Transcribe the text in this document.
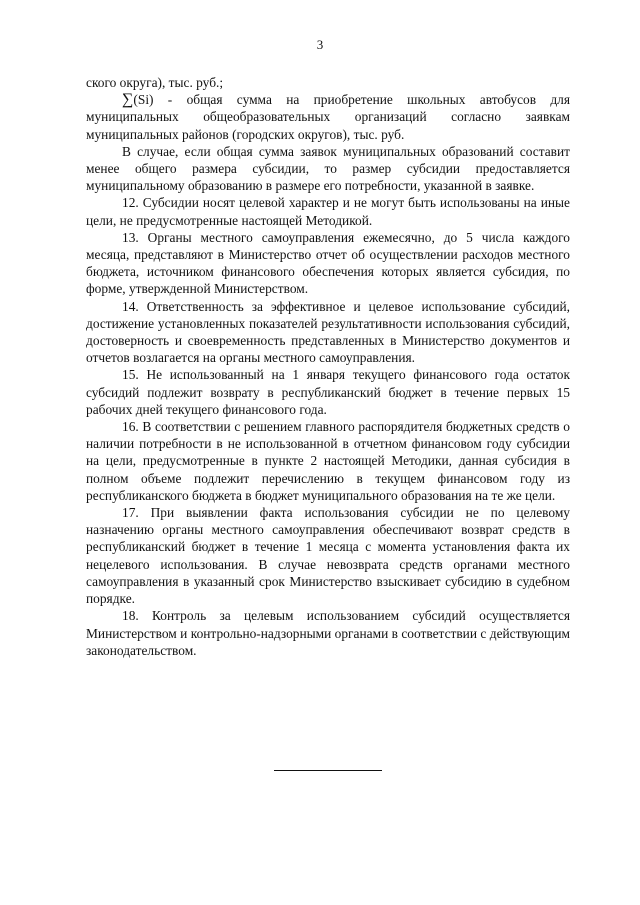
3

ского округа), тыс. руб.;

∑(Si) - общая сумма на приобретение школьных автобусов для муниципальных общеобразовательных организаций согласно заявкам муниципальных районов (городских округов), тыс. руб.

В случае, если общая сумма заявок муниципальных образований составит менее общего размера субсидии, то размер субсидии предоставляется муниципальному образованию в размере его потребности, указанной в заявке.

12. Субсидии носят целевой характер и не могут быть использованы на иные цели, не предусмотренные настоящей Методикой.

13. Органы местного самоуправления ежемесячно, до 5 числа каждого месяца, представляют в Министерство отчет об осуществлении расходов местного бюджета, источником финансового обеспечения которых является субсидия, по форме, утвержденной Министерством.

14. Ответственность за эффективное и целевое использование субсидий, достижение установленных показателей результативности использования субсидий, достоверность и своевременность представленных в Министерство документов и отчетов возлагается на органы местного самоуправления.

15. Не использованный на 1 января текущего финансового года остаток субсидий подлежит возврату в республиканский бюджет в течение первых 15 рабочих дней текущего финансового года.

16. В соответствии с решением главного распорядителя бюджетных средств о наличии потребности в не использованной в отчетном финансовом году субсидии на цели, предусмотренные в пункте 2 настоящей Методики, данная субсидия в полном объеме подлежит перечислению в текущем финансовом году из республиканского бюджета в бюджет муниципального образования на те же цели.

17. При выявлении факта использования субсидии не по целевому назначению органы местного самоуправления обеспечивают возврат средств в республиканский бюджет в течение 1 месяца с момента установления факта их нецелевого использования. В случае невозврата средств органами местного самоуправления в указанный срок Министерство взыскивает субсидию в судебном порядке.

18. Контроль за целевым использованием субсидий осуществляется Министерством и контрольно-надзорными органами в соответствии с действующим законодательством.
